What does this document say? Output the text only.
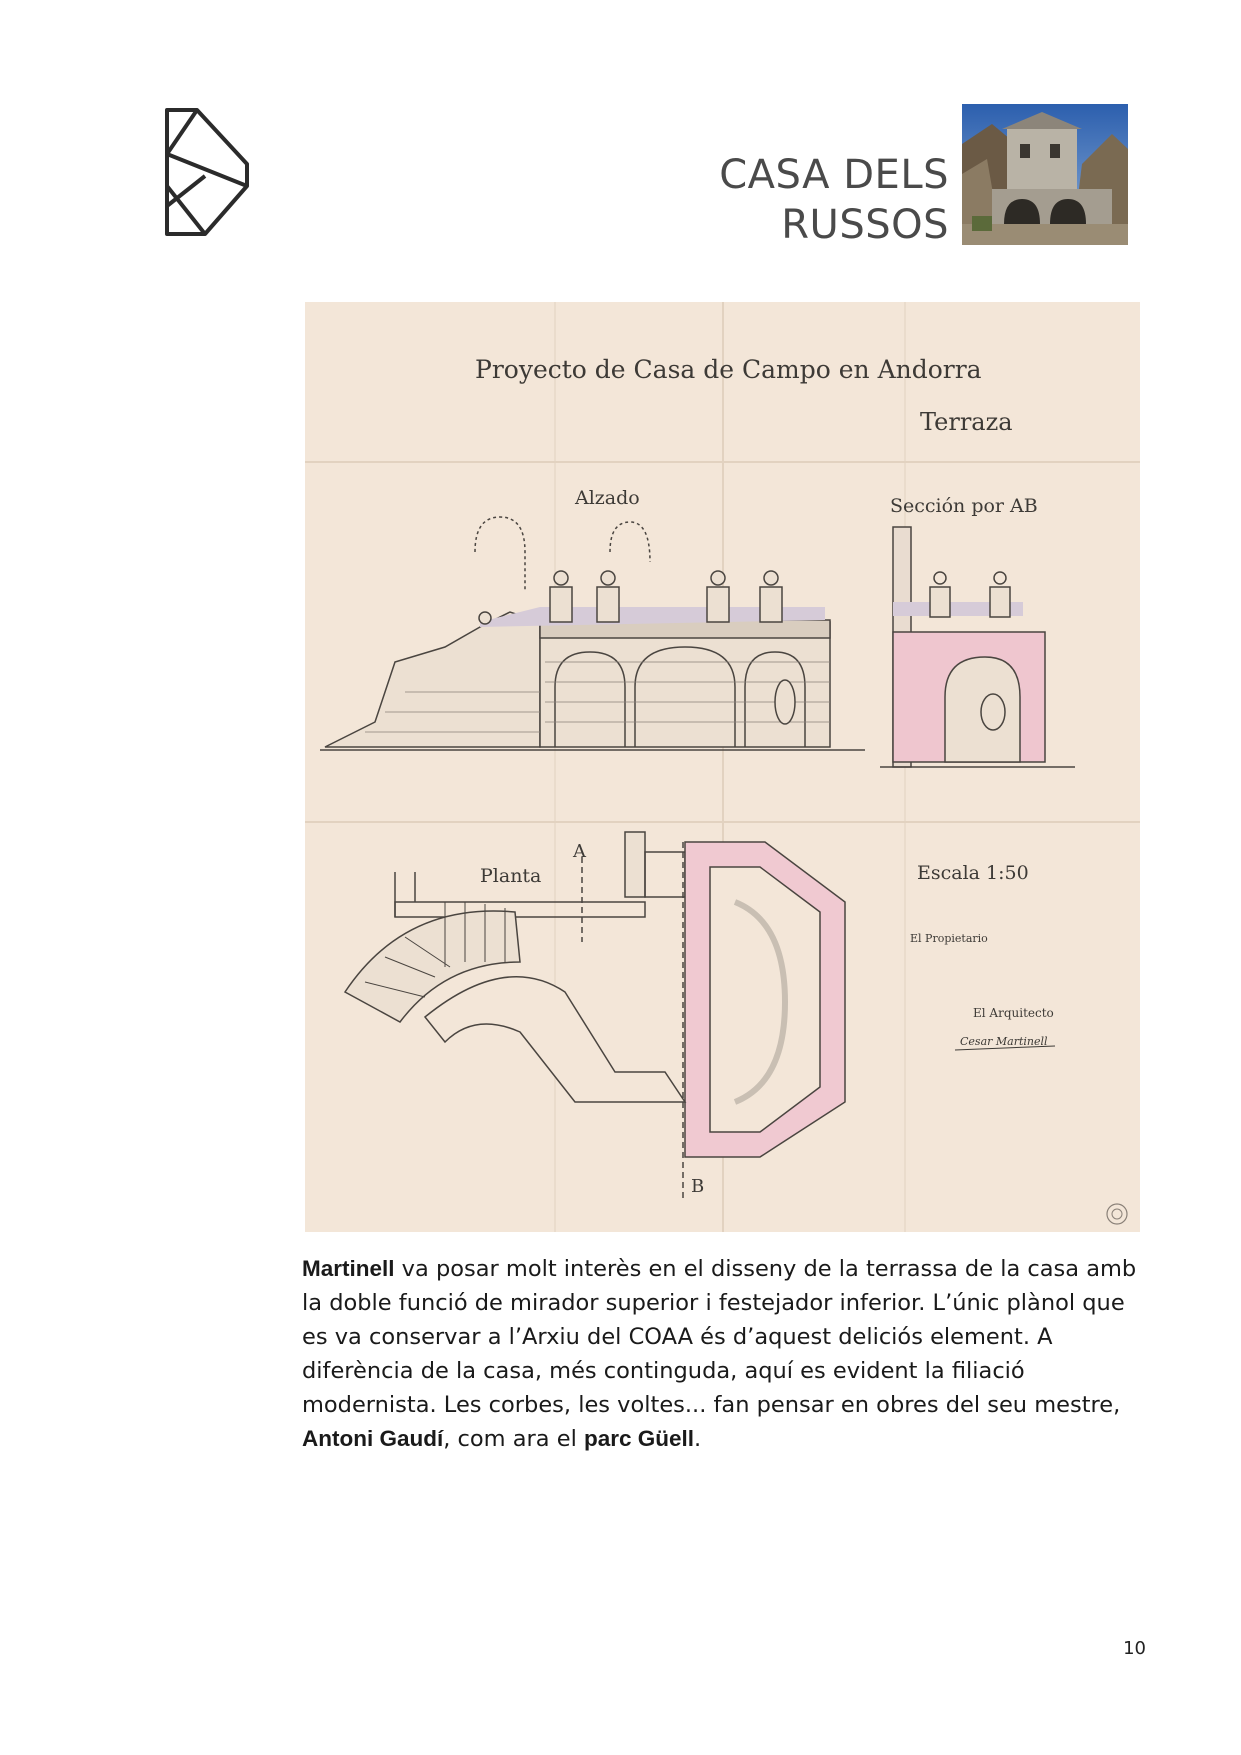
CASA DELS
RUSSOS
Proyecto de Casa de Campo en Andorra
Terraza
Alzado	Sección por AB
A
B
Planta	Escala 1:50
El Propietario
El Arquitecto
Cesar Martinell
Martinell va posar molt interès en el disseny de la terrassa de la casa amb la doble funció de mirador superior i festejador inferior. L’únic plànol que es va conservar a l’Arxiu del COAA és d’aquest deliciós element. A diferència de la casa, més continguda, aquí es evident la filiació modernista. Les corbes, les voltes... fan pensar en obres del seu mestre, Antoni Gaudí, com ara el parc Güell.
10
